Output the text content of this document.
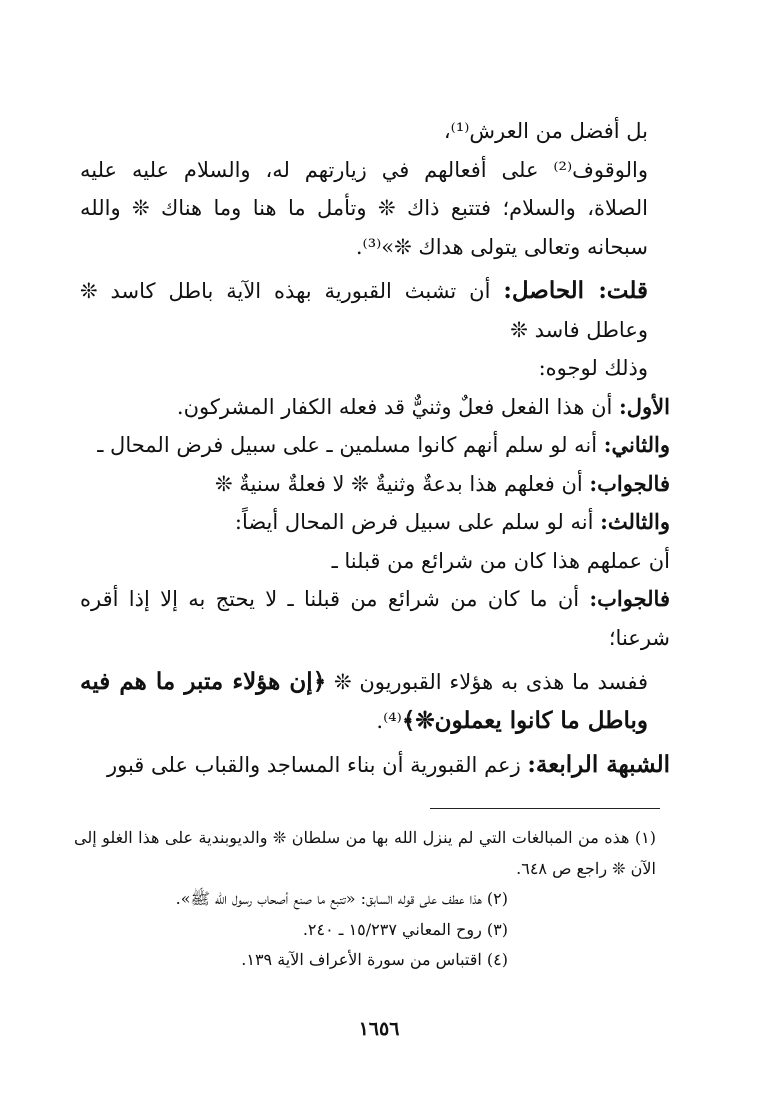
بل أفضل من العرش⁽¹⁾،

والوقوف⁽²⁾ على أفعالهم في زيارتهم له، والسلام عليه عليه الصلاة، والسلام؛ فتتبع ذاك ❊ وتأمل ما هنا وما هناك ❊ والله سبحانه وتعالى يتولى هداك ❊»⁽³⁾.

قلت: الحاصل: أن تشبث القبورية بهذه الآية باطل كاسد ❊ وعاطل فاسد ❊

وذلك لوجوه:

الأول: أن هذا الفعل فعلٌ وثنيٌّ قد فعله الكفار المشركون.

والثاني: أنه لو سلم أنهم كانوا مسلمين ـ على سبيل فرض المحال ـ

فالجواب: أن فعلهم هذا بدعةٌ وثنيةٌ ❊ لا فعلةٌ سنيةٌ ❊

والثالث: أنه لو سلم على سبيل فرض المحال أيضاً:

أن عملهم هذا كان من شرائع من قبلنا ـ

فالجواب: أن ما كان من شرائع من قبلنا ـ لا يحتج به إلا إذا أقره شرعنا؛

ففسد ما هذى به هؤلاء القبوريون ❊ ﴿إن هؤلاء متبر ما هم فيه وباطل ما كانوا يعملون❊﴾⁽⁴⁾.

الشبهة الرابعة: زعم القبورية أن بناء المساجد والقباب على قبور

(١) هذه من المبالغات التي لم ينزل الله بها من سلطان ❊ والديوبندية على هذا الغلو إلى الآن ❊ راجع ص ٦٤٨.

(٢) هذا عطف على قوله السابق: «تتبع ما صنع أصحاب رسول الله ﷺ».

(٣) روح المعاني ١٥/٢٣٧ ـ ٢٤٠.

(٤) اقتباس من سورة الأعراف الآية ١٣٩.

١٦٥٦
